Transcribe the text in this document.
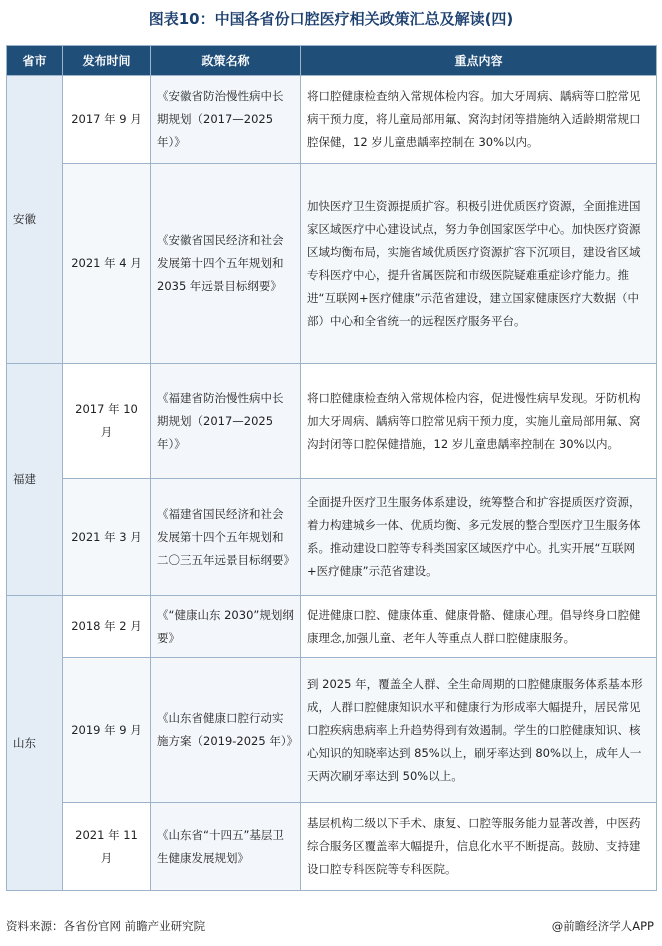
图表10：中国各省份口腔医疗相关政策汇总及解读(四)
省市	发布时间	政策名称	重点内容
安徽	2017 年 9 月	《安徽省防治慢性病中长期规划（2017—2025 年）》	将口腔健康检查纳入常规体检内容。加大牙周病、龋病等口腔常见病干预力度，将儿童局部用氟、窝沟封闭等措施纳入适龄期常规口腔保健，12 岁儿童患龋率控制在 30%以内。
	2021 年 4 月	《安徽省国民经济和社会发展第十四个五年规划和 2035 年远景目标纲要》	加快医疗卫生资源提质扩容。积极引进优质医疗资源，全面推进国家区域医疗中心建设试点，努力争创国家医学中心。加快医疗资源区域均衡布局，实施省域优质医疗资源扩容下沉项目，建设省区域专科医疗中心，提升省属医院和市级医院疑难重症诊疗能力。推进“互联网+医疗健康”示范省建设，建立国家健康医疗大数据（中部）中心和全省统一的远程医疗服务平台。
福建	2017 年 10 月	《福建省防治慢性病中长期规划（2017—2025 年）》	将口腔健康检查纳入常规体检内容，促进慢性病早发现。牙防机构加大牙周病、龋病等口腔常见病干预力度，实施儿童局部用氟、窝沟封闭等口腔保健措施，12 岁儿童患龋率控制在 30%以内。
	2021 年 3 月	《福建省国民经济和社会发展第十四个五年规划和二〇三五年远景目标纲要》	全面提升医疗卫生服务体系建设，统筹整合和扩容提质医疗资源，着力构建城乡一体、优质均衡、多元发展的整合型医疗卫生服务体系。推动建设口腔等专科类国家区域医疗中心。扎实开展“互联网+医疗健康”示范省建设。
山东	2018 年 2 月	《“健康山东 2030”规划纲要》	促进健康口腔、健康体重、健康骨骼、健康心理。倡导终身口腔健康理念,加强儿童、老年人等重点人群口腔健康服务。
	2019 年 9 月	《山东省健康口腔行动实施方案（2019-2025 年）》	到 2025 年，覆盖全人群、全生命周期的口腔健康服务体系基本形成，人群口腔健康知识水平和健康行为形成率大幅提升，居民常见口腔疾病患病率上升趋势得到有效遏制。学生的口腔健康知识、核心知识的知晓率达到 85%以上，刷牙率达到 80%以上，成年人一天两次刷牙率达到 50%以上。
	2021 年 11 月	《山东省“十四五”基层卫生健康发展规划》	基层机构二级以下手术、康复、口腔等服务能力显著改善，中医药综合服务区覆盖率大幅提升，信息化水平不断提高。鼓励、支持建设口腔专科医院等专科医院。
资料来源：各省份官网 前瞻产业研究院	@前瞻经济学人APP
